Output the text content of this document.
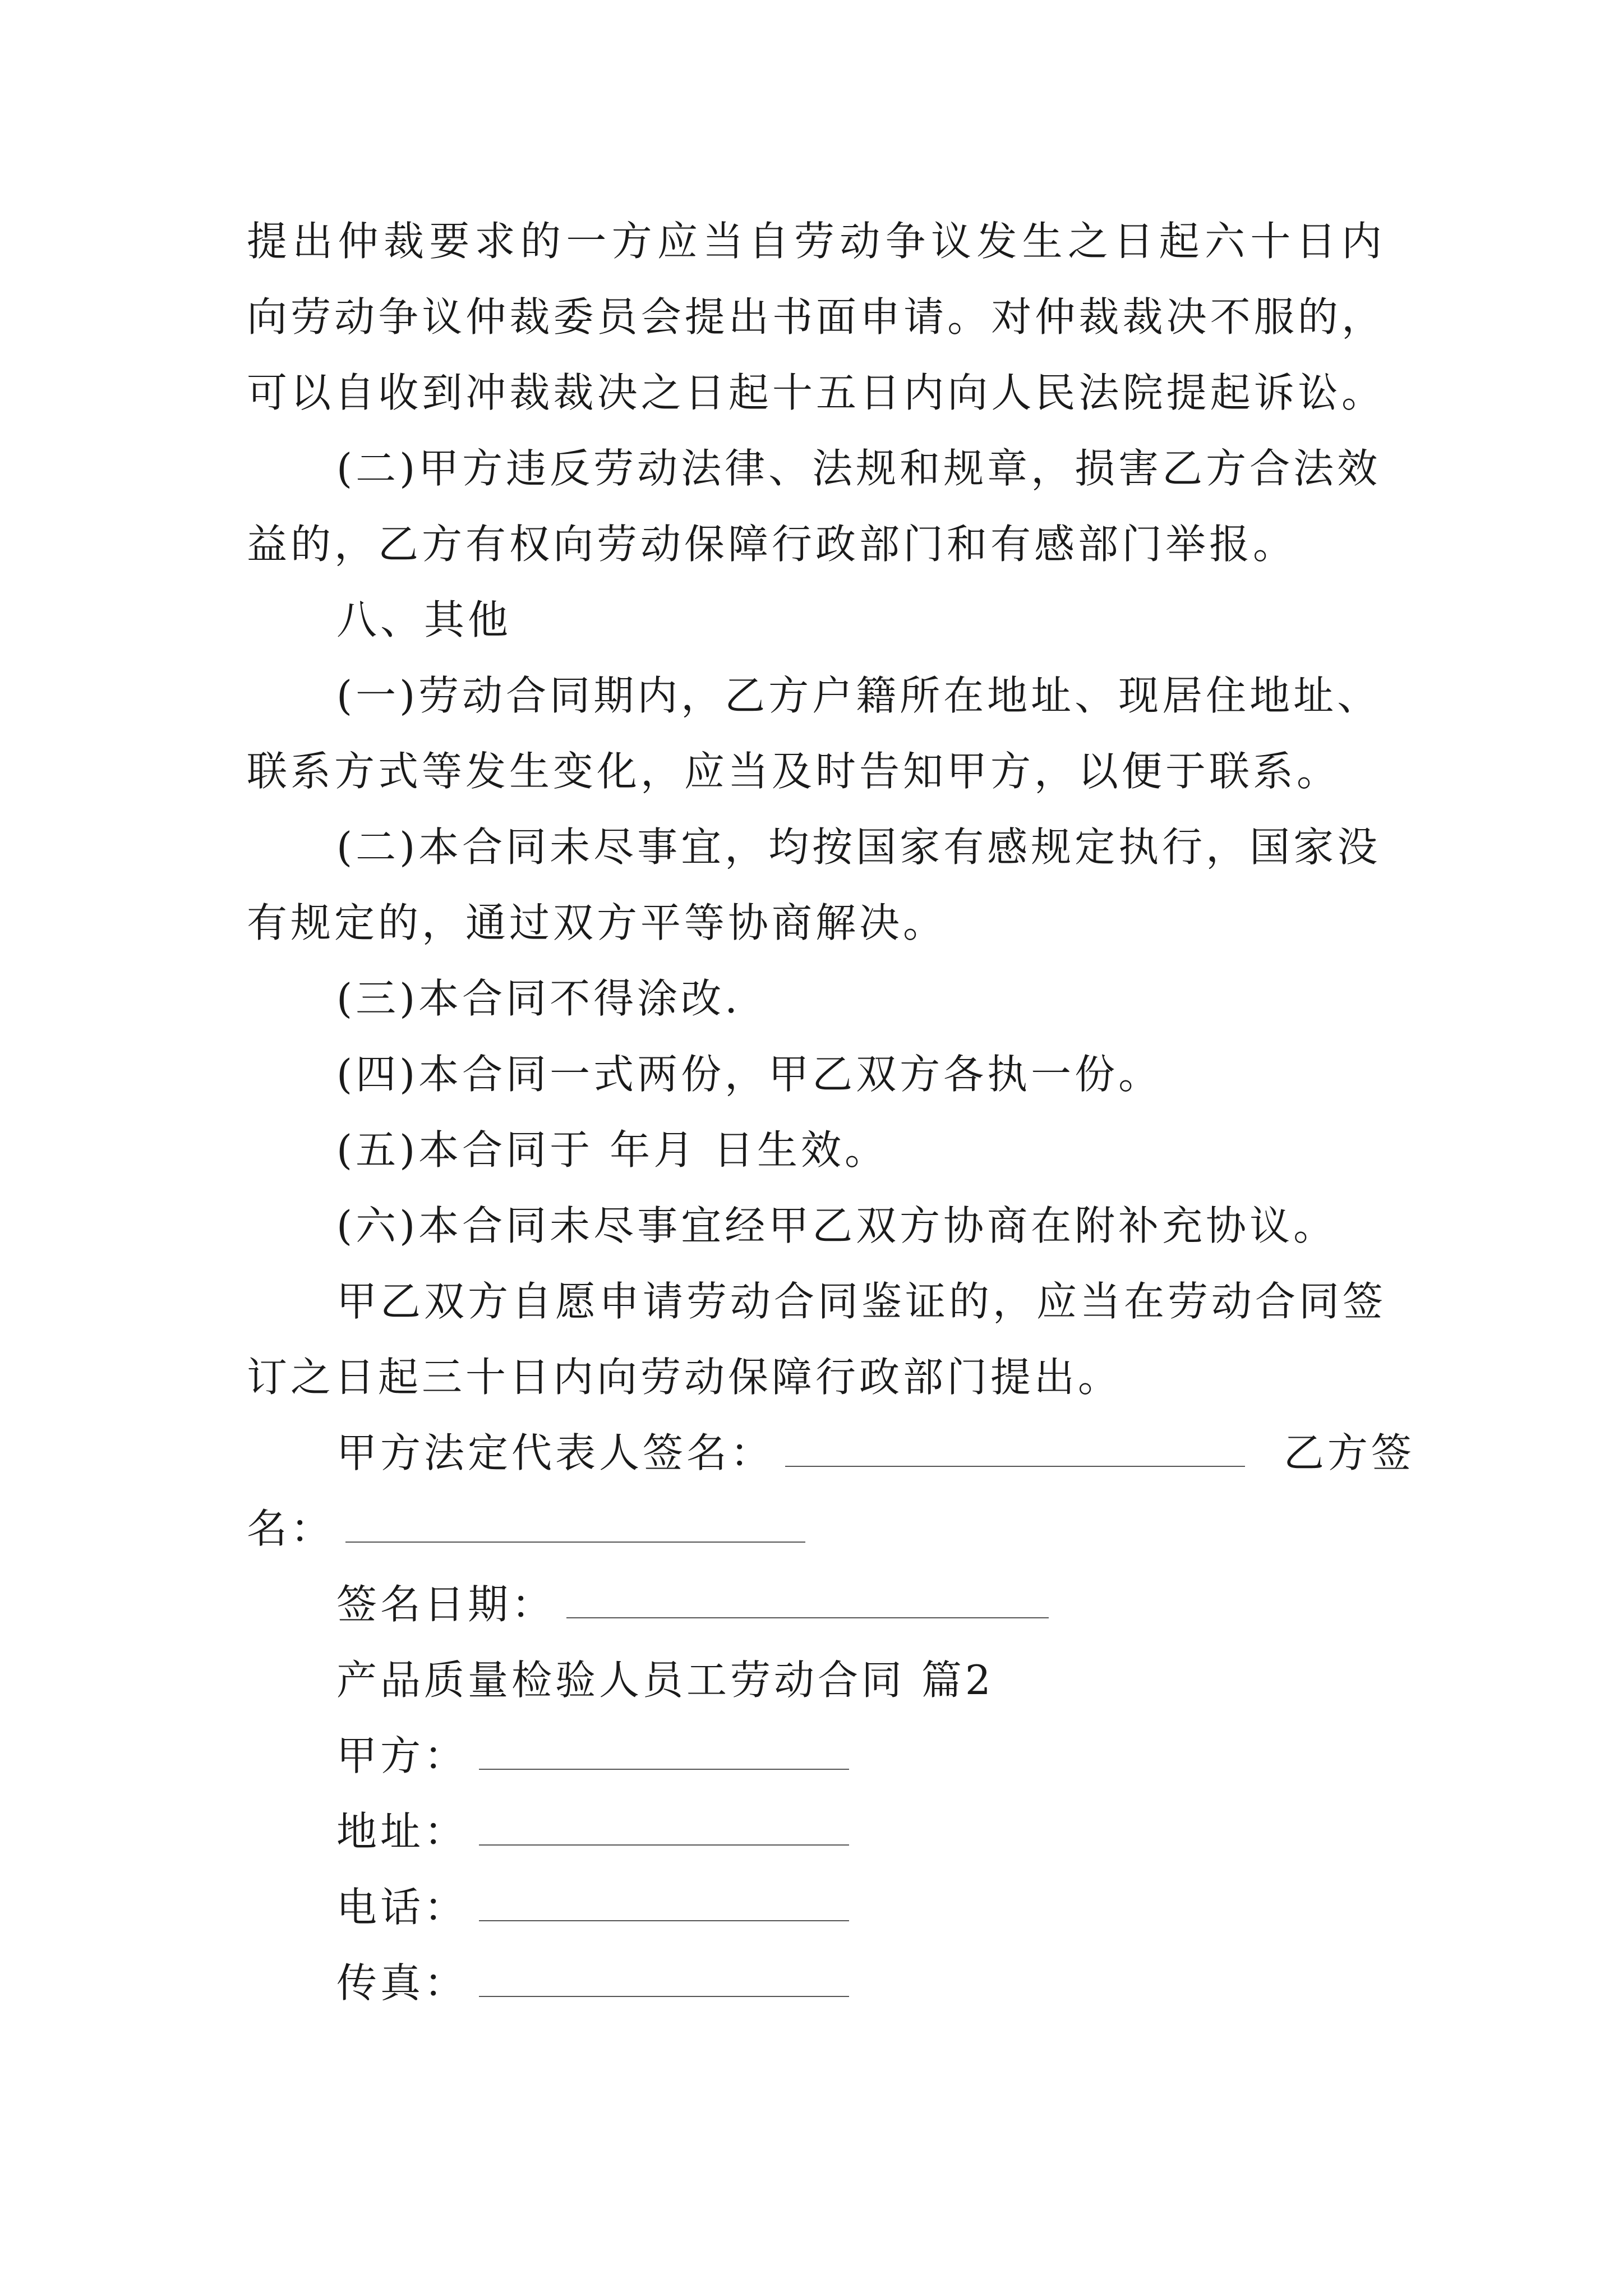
提出仲裁要求的一方应当自劳动争议发生之日起六十日内
向劳动争议仲裁委员会提出书面申请。对仲裁裁决不服的，
可以自收到冲裁裁决之日起十五日内向人民法院提起诉讼。
(二)甲方违反劳动法律、法规和规章，损害乙方合法效
益的，乙方有权向劳动保障行政部门和有感部门举报。
八、其他
(一)劳动合同期内，乙方户籍所在地址、现居住地址、
联系方式等发生变化，应当及时告知甲方，以便于联系。
(二)本合同未尽事宜，均按国家有感规定执行，国家没
有规定的，通过双方平等协商解决。
(三)本合同不得涂改.
(四)本合同一式两份，甲乙双方各执一份。
(五)本合同于 年月 日生效。
(六)本合同未尽事宜经甲乙双方协商在附补充协议。
甲乙双方自愿申请劳动合同鉴证的，应当在劳动合同签
订之日起三十日内向劳动保障行政部门提出。
甲方法定代表人签名：	乙方签
名：
签名日期：
产品质量检验人员工劳动合同 篇2
甲方：
地址：
电话：
传真：
